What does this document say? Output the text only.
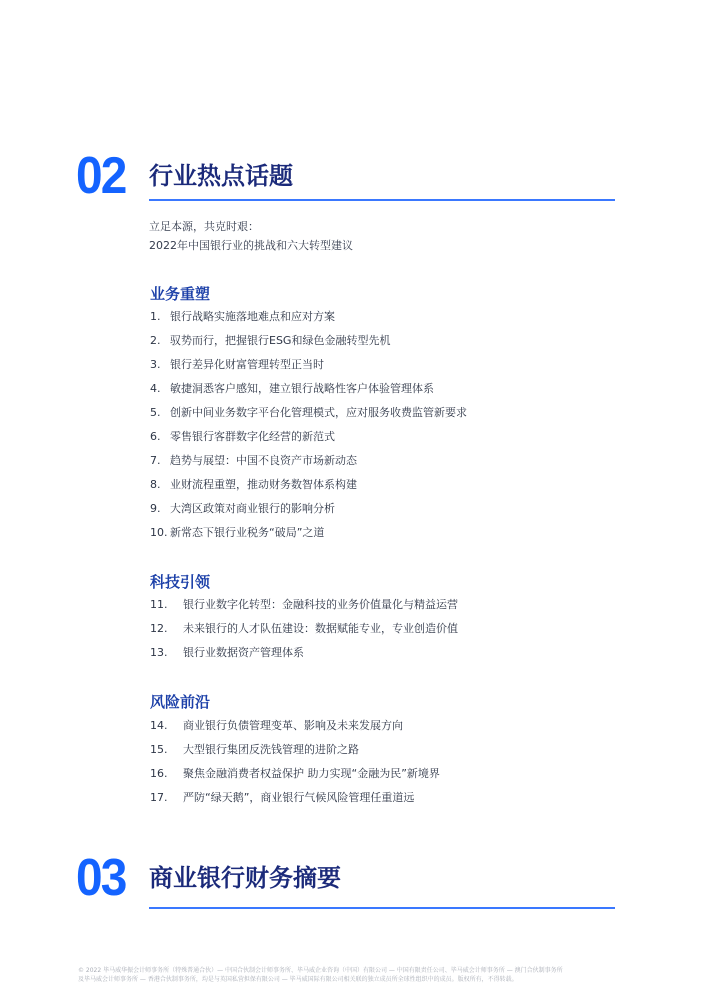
02 行业热点话题
立足本源，共克时艰：
2022年中国银行业的挑战和六大转型建议
业务重塑
1. 银行战略实施落地难点和应对方案
2. 驭势而行，把握银行ESG和绿色金融转型先机
3. 银行差异化财富管理转型正当时
4. 敏捷洞悉客户感知，建立银行战略性客户体验管理体系
5. 创新中间业务数字平台化管理模式，应对服务收费监管新要求
6. 零售银行客群数字化经营的新范式
7. 趋势与展望：中国不良资产市场新动态
8. 业财流程重塑，推动财务数智体系构建
9. 大湾区政策对商业银行的影响分析
10. 新常态下银行业税务“破局”之道
科技引领
11.	银行业数字化转型：金融科技的业务价值量化与精益运营
12.	未来银行的人才队伍建设：数据赋能专业，专业创造价值
13.	银行业数据资产管理体系
风险前沿
14.	商业银行负债管理变革、影响及未来发展方向
15.	大型银行集团反洗钱管理的进阶之路
16.	聚焦金融消费者权益保护 助力实现“金融为民”新境界
17.	严防“绿天鹅”，商业银行气候风险管理任重道远
03 商业银行财务摘要
© 2022 毕马威华振会计师事务所（特殊普通合伙）— 中国合伙制会计师事务所、毕马威企业咨询（中国）有限公司 — 中国有限责任公司、毕马威会计师事务所 — 澳门合伙制事务所
及毕马威会计师事务所 — 香港合伙制事务所，均是与英国私营担保有限公司 — 毕马威国际有限公司相关联的独立成员所全球性组织中的成员。版权所有，不得转载。
